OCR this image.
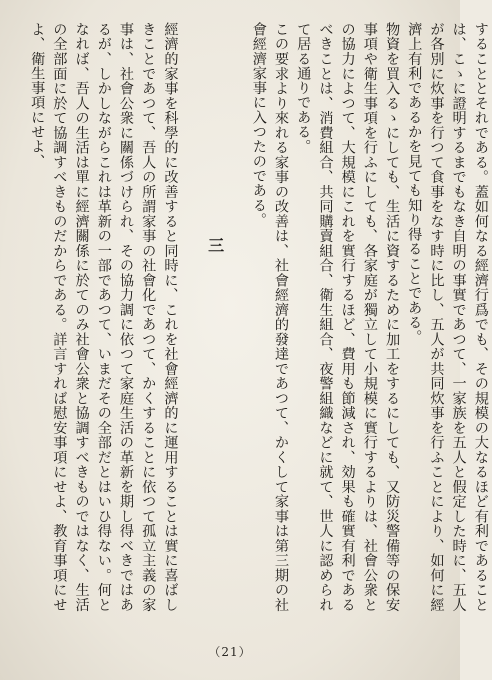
することとそれである。蓋如何なる經濟行爲でも、その規模の大なるほど有利であることは、こゝに證明するまでもなき自明の事實であつて、一家族を五人と假定した時に、五人が各別に炊事を行つて食事をなす時に比し、五人が共同炊事を行ふことにより、如何に經濟上有利であるかを見ても知り得ることである。

物資を買入るゝにしても、生活に資するために加工をするにしても、又防災警備等の保安事項や衛生事項を行ふにしても、各家庭が獨立して小規模に實行するよりは、社會公衆との協力によつて、大規模にこれを實行するほど、費用も節減され、効果も確實有利であるべきことは、消費組合、共同購賣組合、衛生組合、夜警組織などに就て、世人に認められて居る通りである。

この要求より來れる家事の改善は、社會經濟的發達であつて、かくして家事は第三期の社會經濟家事に入つたのである。

三

經濟的家事を科學的に改善すると同時に、これを社會經濟的に運用することは實に喜ばしきことであつて、吾人の所謂家事の社會化であつて、かくすることに依つて孤立主義の家事は、社會公衆に關係づけられ、その協力調に依つて家庭生活の革新を期し得べきではあるが、しかしながらこれは革新の一部であつて、いまだその全部だとはいひ得ない。何となれば、吾人の生活は單に經濟關係に於てのみ社會公衆と協調すべきものではなく、生活の全部面に於て協調すべきものだからである。詳言すれば慰安事項にせよ、教育事項にせよ、衛生事項にせよ、

（21）
